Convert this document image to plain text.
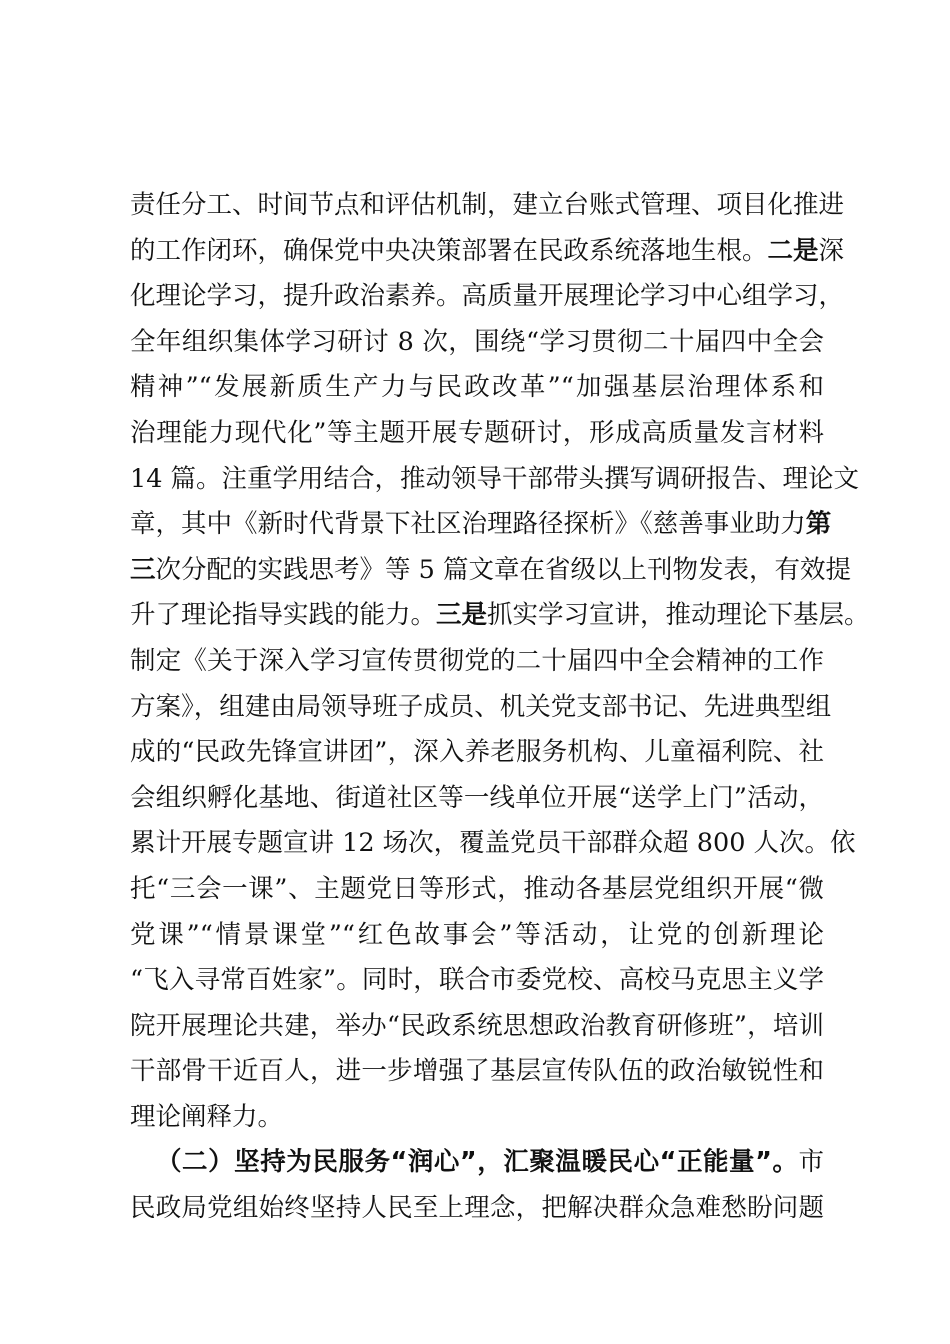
责任分工、时间节点和评估机制，建立台账式管理、项目化推进
的工作闭环，确保党中央决策部署在民政系统落地生根。二是深
化理论学习，提升政治素养。高质量开展理论学习中心组学习，
全年组织集体学习研讨 8 次，围绕“学习贯彻二十届四中全会
精神”“发展新质生产力与民政改革”“加强基层治理体系和
治理能力现代化”等主题开展专题研讨，形成高质量发言材料
14 篇。注重学用结合，推动领导干部带头撰写调研报告、理论文
章，其中《新时代背景下社区治理路径探析》《慈善事业助力第
三次分配的实践思考》等 5 篇文章在省级以上刊物发表，有效提
升了理论指导实践的能力。三是抓实学习宣讲，推动理论下基层。
制定《关于深入学习宣传贯彻党的二十届四中全会精神的工作
方案》，组建由局领导班子成员、机关党支部书记、先进典型组
成的“民政先锋宣讲团”，深入养老服务机构、儿童福利院、社
会组织孵化基地、街道社区等一线单位开展“送学上门”活动，
累计开展专题宣讲 12 场次，覆盖党员干部群众超 800 人次。依
托“三会一课”、主题党日等形式，推动各基层党组织开展“微
党课”“情景课堂”“红色故事会”等活动，让党的创新理论
“飞入寻常百姓家”。同时，联合市委党校、高校马克思主义学
院开展理论共建，举办“民政系统思想政治教育研修班”，培训
干部骨干近百人，进一步增强了基层宣传队伍的政治敏锐性和
理论阐释力。
（二）坚持为民服务“润心”，汇聚温暖民心“正能量”。市
民政局党组始终坚持人民至上理念，把解决群众急难愁盼问题
